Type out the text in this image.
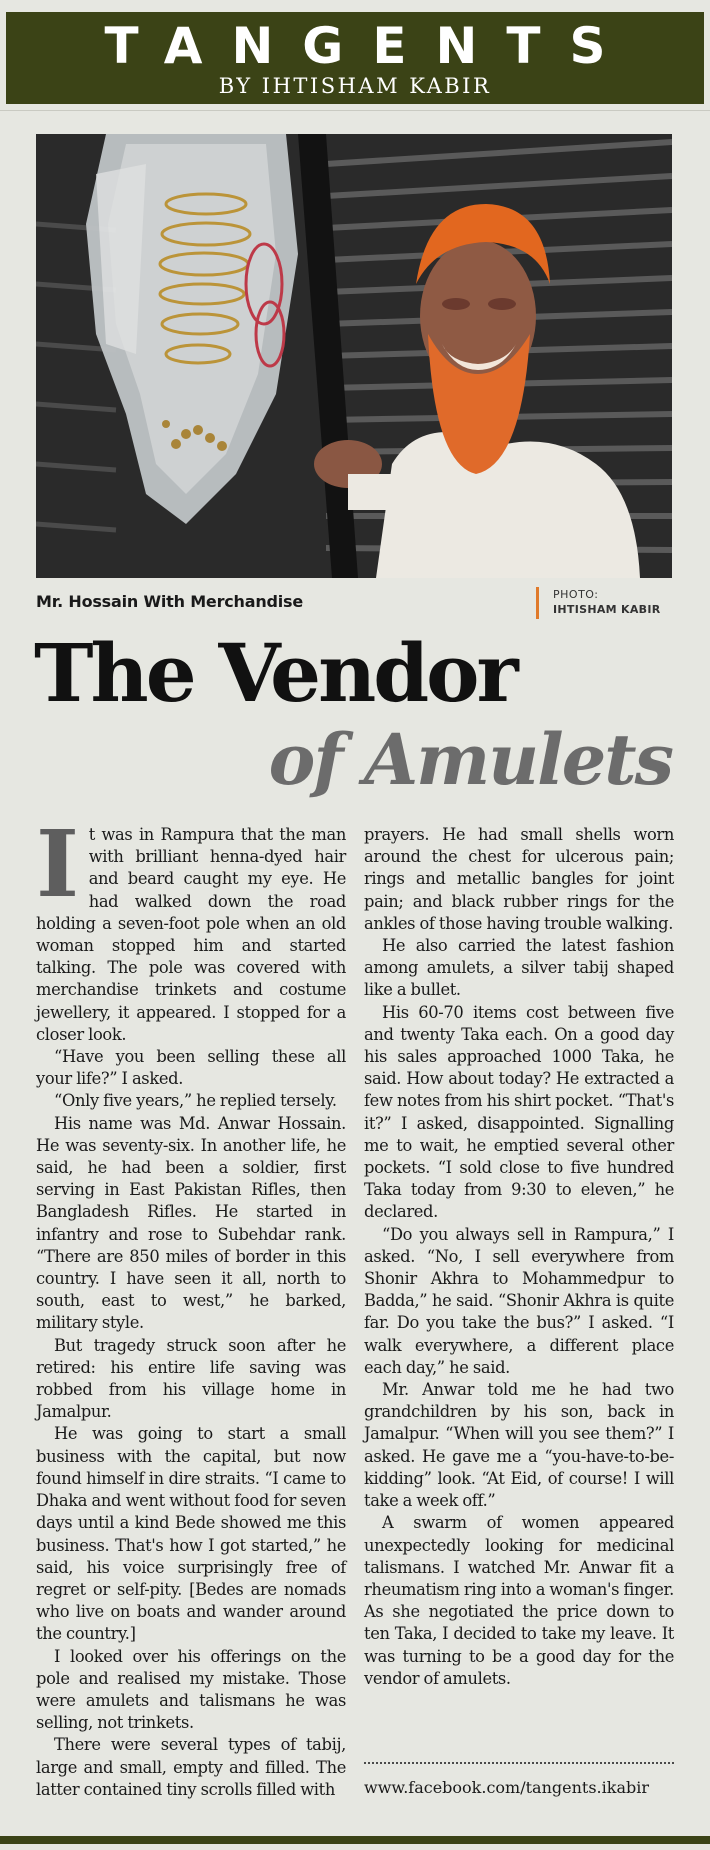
TANGENTS
BY IHTISHAM KABIR
Mr. Hossain With Merchandise	PHOTO:
IHTISHAM KABIR
The Vendor
of Amulets

It was in Rampura that the man with brilliant henna-dyed hair and beard caught my eye. He had walked down the road holding a seven-foot pole when an old woman stopped him and started talking. The pole was covered with merchandise trinkets and costume jewellery, it appeared. I stopped for a closer look.

“Have you been selling these all your life?” I asked.

“Only five years,” he replied tersely.

His name was Md. Anwar Hossain. He was seventy-six. In another life, he said, he had been a soldier, first serving in East Pakistan Rifles, then Bangladesh Rifles. He started in infantry and rose to Subehdar rank. “There are 850 miles of border in this country. I have seen it all, north to south, east to west,” he barked, military style.

But tragedy struck soon after he retired: his entire life saving was robbed from his village home in Jamalpur.

He was going to start a small business with the capital, but now found himself in dire straits. “I came to Dhaka and went without food for seven days until a kind Bede showed me this business. That's how I got started,” he said, his voice surprisingly free of regret or self-pity. [Bedes are nomads who live on boats and wander around the country.]

I looked over his offerings on the pole and realised my mistake. Those were amulets and talismans he was selling, not trinkets.

There were several types of tabij, large and small, empty and filled. The latter contained tiny scrolls filled with

prayers. He had small shells worn around the chest for ulcerous pain; rings and metallic bangles for joint pain; and black rubber rings for the ankles of those having trouble walking.

He also carried the latest fashion among amulets, a silver tabij shaped like a bullet.

His 60-70 items cost between five and twenty Taka each. On a good day his sales approached 1000 Taka, he said. How about today? He extracted a few notes from his shirt pocket. “That's it?” I asked, disappointed. Signalling me to wait, he emptied several other pockets. “I sold close to five hundred Taka today from 9:30 to eleven,” he declared.

“Do you always sell in Rampura,” I asked. “No, I sell everywhere from Shonir Akhra to Mohammedpur to Badda,” he said. “Shonir Akhra is quite far. Do you take the bus?” I asked. “I walk everywhere, a different place each day,” he said.

Mr. Anwar told me he had two grandchildren by his son, back in Jamalpur. “When will you see them?” I asked. He gave me a “you-have-to-be-kidding” look. “At Eid, of course! I will take a week off.”

A swarm of women appeared unexpectedly looking for medicinal talismans. I watched Mr. Anwar fit a rheumatism ring into a woman's finger. As she negotiated the price down to ten Taka, I decided to take my leave. It was turning to be a good day for the vendor of amulets.

www.facebook.com/tangents.ikabir
